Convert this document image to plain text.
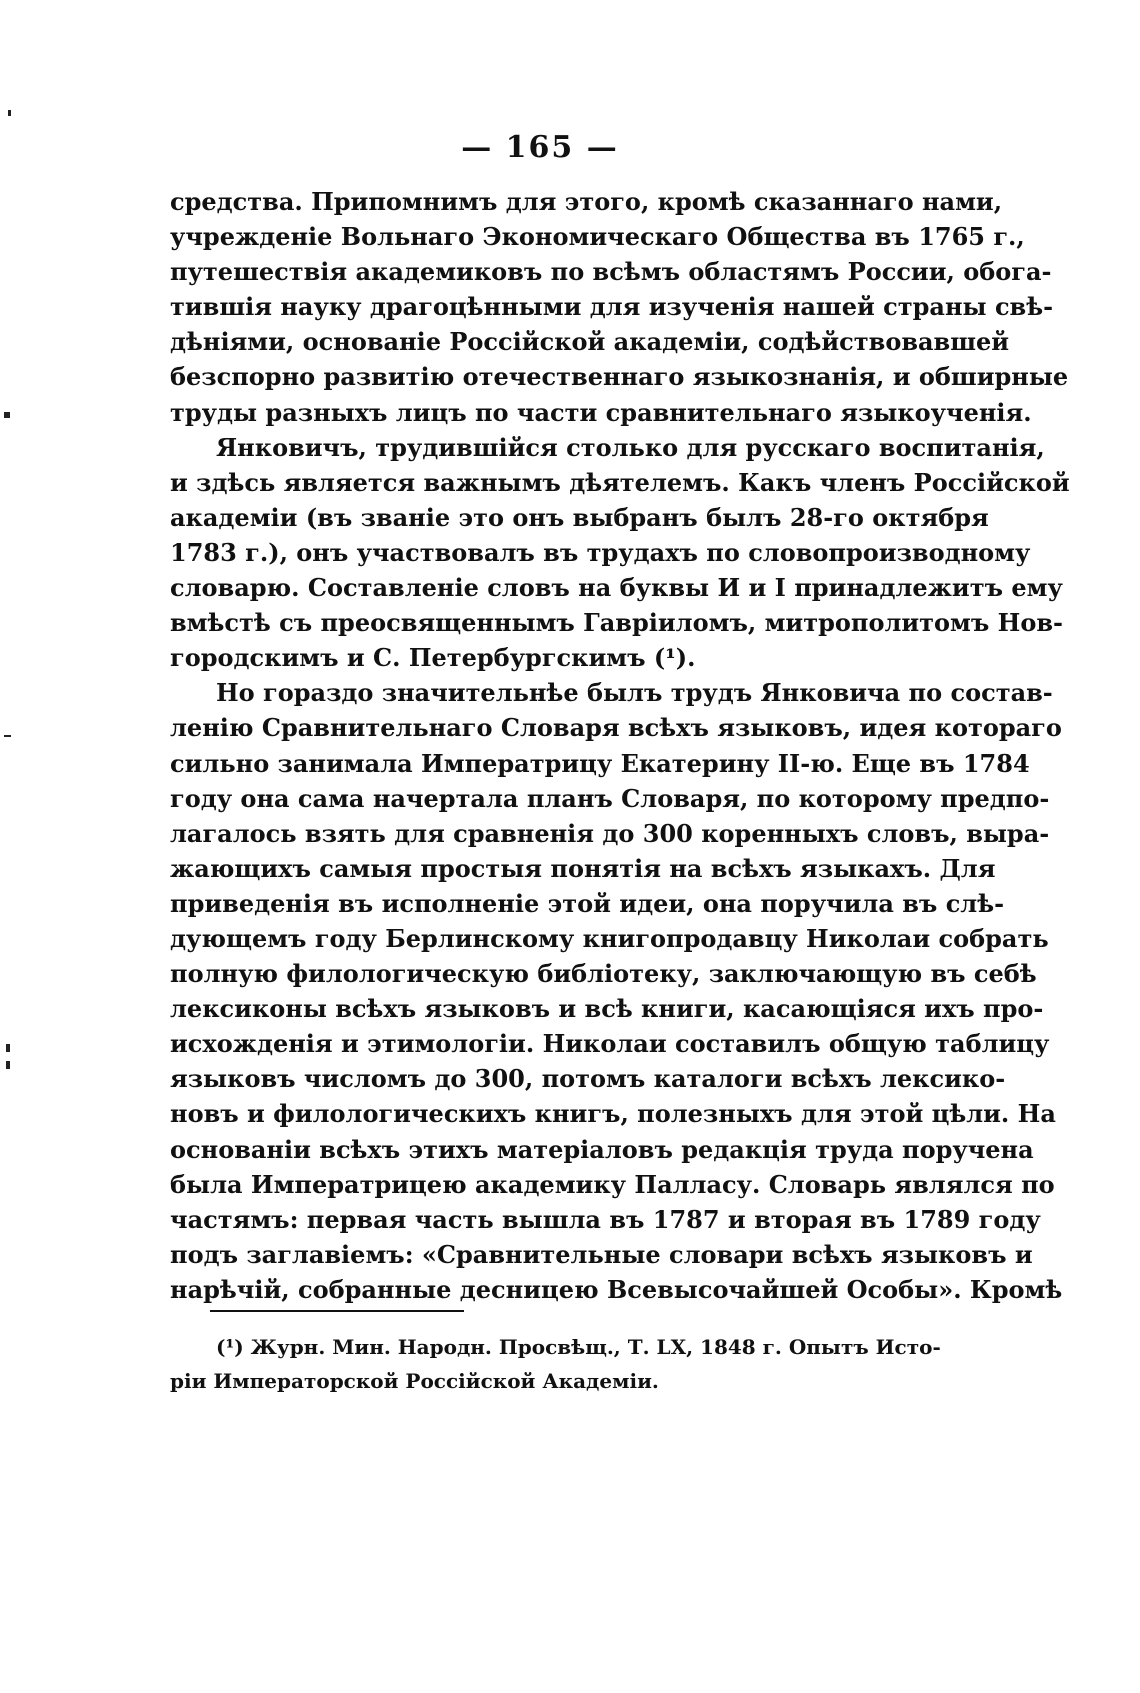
— 165 —
средства. Припомнимъ для этого, кромѣ сказаннаго нами,
учрежденіе Вольнаго Экономическаго Общества въ 1765 г.,
путешествія академиковъ по всѣмъ областямъ России, обога-
тившія науку драгоцѣнными для изученія нашей страны свѣ-
дѣніями, основаніе Россійской академіи, содѣйствовавшей
безспорно развитію отечественнаго языкознанія, и обширные
труды разныхъ лицъ по части сравнительнаго языкоученія.
Янковичъ, трудившійся столько для русскаго воспитанія,
и здѣсь является важнымъ дѣятелемъ. Какъ членъ Россійской
академіи (въ званіе это онъ выбранъ былъ 28-го октября
1783 г.), онъ участвовалъ въ трудахъ по словопроизводному
словарю. Составленіе словъ на буквы И и І принадлежитъ ему
вмѣстѣ съ преосвященнымъ Гавріиломъ, митрополитомъ Нов-
городскимъ и С. Петербургскимъ (¹).
Но гораздо значительнѣе былъ трудъ Янковича по состав-
ленію Сравнительнаго Словаря всѣхъ языковъ, идея котораго
сильно занимала Императрицу Екатерину II-ю. Еще въ 1784
году она сама начертала планъ Словаря, по которому предпо-
лагалось взять для сравненія до 300 коренныхъ словъ, выра-
жающихъ самыя простыя понятія на всѣхъ языкахъ. Для
приведенія въ исполненіе этой идеи, она поручила въ слѣ-
дующемъ году Берлинскому книгопродавцу Николаи собрать
полную филологическую библіотеку, заключающую въ себѣ
лексиконы всѣхъ языковъ и всѣ книги, касающіяся ихъ про-
исхожденія и этимологіи. Николаи составилъ общую таблицу
языковъ числомъ до 300, потомъ каталоги всѣхъ лексико-
новъ и филологическихъ книгъ, полезныхъ для этой цѣли. На
основаніи всѣхъ этихъ матеріаловъ редакція труда поручена
была Императрицею академику Палласу. Словарь являлся по
частямъ: первая часть вышла въ 1787 и вторая въ 1789 году
подъ заглавіемъ: «Сравнительные словари всѣхъ языковъ и
нарѣчій, собранные десницею Всевысочайшей Особы». Кромѣ
(¹) Журн. Мин. Народн. Просвѣщ., Т. LX, 1848 г. Опытъ Исто-
ріи Императорской Россійской Академіи.
